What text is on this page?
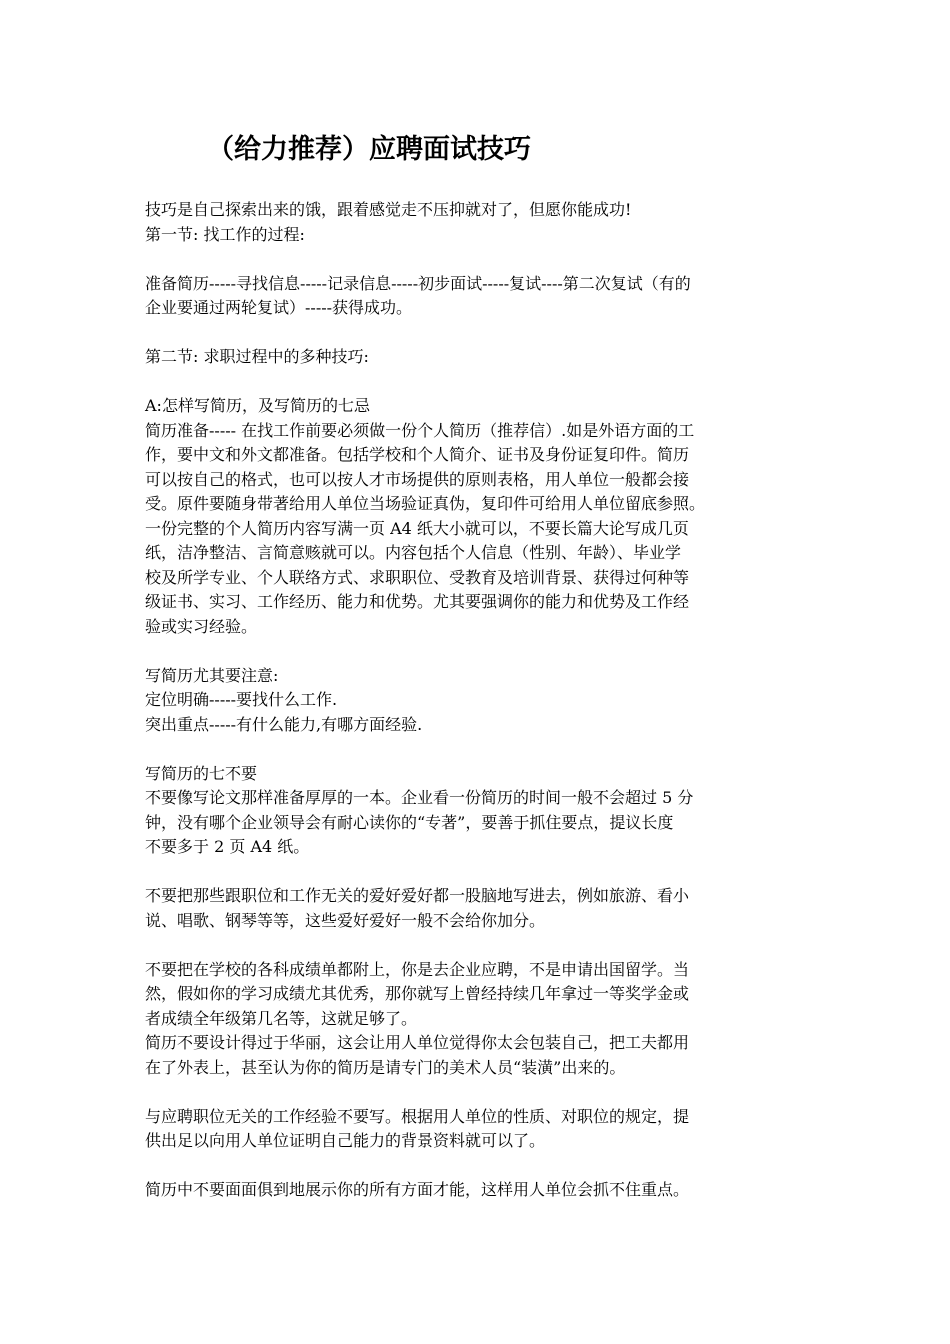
（给力推荐）应聘面试技巧

技巧是自己探索出来的饿，跟着感觉走不压抑就对了，但愿你能成功!

第一节: 找工作的过程:

准备简历-----寻找信息-----记录信息-----初步面试-----复试----第二次复试（有的

企业要通过两轮复试）-----获得成功。

第二节: 求职过程中的多种技巧:

A:怎样写简历，及写简历的七忌

简历准备----- 在找工作前要必须做一份个人简历（推荐信）.如是外语方面的工

作，要中文和外文都准备。包括学校和个人简介、证书及身份证复印件。简历

可以按自己的格式，也可以按人才市场提供的原则表格，用人单位一般都会接

受。原件要随身带著给用人单位当场验证真伪，复印件可给用人单位留底参照。

一份完整的个人简历内容写满一页 A4 纸大小就可以，不要长篇大论写成几页

纸，洁净整洁、言简意赅就可以。内容包括个人信息（性别、年龄）、毕业学

校及所学专业、个人联络方式、求职职位、受教育及培训背景、获得过何种等

级证书、实习、工作经历、能力和优势。尤其要强调你的能力和优势及工作经

验或实习经验。

写简历尤其要注意:

定位明确-----要找什么工作.

突出重点-----有什么能力,有哪方面经验.

写简历的七不要

不要像写论文那样准备厚厚的一本。企业看一份简历的时间一般不会超过 5 分

钟，没有哪个企业领导会有耐心读你的“专著”，要善于抓住要点，提议长度

不要多于 2 页 A4 纸。

不要把那些跟职位和工作无关的爱好爱好都一股脑地写进去，例如旅游、看小

说、唱歌、钢琴等等，这些爱好爱好一般不会给你加分。

不要把在学校的各科成绩单都附上，你是去企业应聘，不是申请出国留学。当

然，假如你的学习成绩尤其优秀，那你就写上曾经持续几年拿过一等奖学金或

者成绩全年级第几名等，这就足够了。

简历不要设计得过于华丽，这会让用人单位觉得你太会包装自己，把工夫都用

在了外表上，甚至认为你的简历是请专门的美术人员“装潢”出来的。

与应聘职位无关的工作经验不要写。根据用人单位的性质、对职位的规定，提

供出足以向用人单位证明自己能力的背景资料就可以了。

简历中不要面面俱到地展示你的所有方面才能，这样用人单位会抓不住重点。
